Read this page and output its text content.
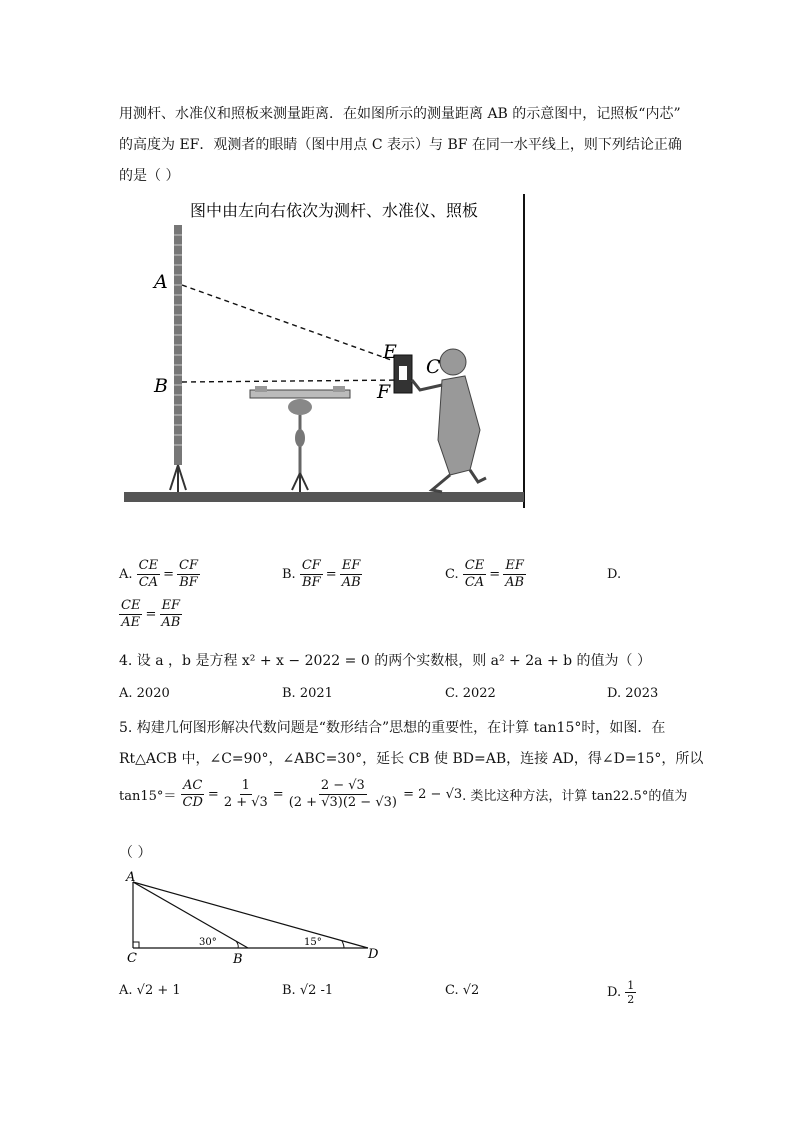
用测杆、水准仪和照板来测量距离．在如图所示的测量距离 AB 的示意图中，记照板“内芯”
的高度为 EF．观测者的眼睛（图中用点 C 表示）与 BF 在同一水平线上，则下列结论正确
的是（ ）
图中由左向右依次为测杆、水准仪、照板
A
B
E
F
C
A. $\frac{CE}{CA} = \frac{CF}{BF}$	B. $\frac{CF}{BF} = \frac{EF}{AB}$	C. $\frac{CE}{CA} = \frac{EF}{AB}$	D.
$\frac{CE}{AE} = \frac{EF}{AB}$
4. 设 a ，b 是方程 x² + x − 2022 = 0 的两个实数根，则 a² + 2a + b 的值为（ ）
A. 2020	B. 2021	C. 2022	D. 2023
5. 构建几何图形解决代数问题是“数形结合”思想的重要性，在计算 tan15°时，如图．在
Rt△ACB 中，∠C=90°，∠ABC=30°，延长 CB 使 BD=AB，连接 AD，得∠D=15°，所以
$\tan 15^\circ= \frac{AC}{CD} = \frac{1}{2 + √3} = \frac{2 - √3}{(2 + √3)(2 - √3)} = 2 - √3$. 类比这种方法，计算 tan22.5°的值为
（ ）
A
C	B	D
30°	15°
A. √2 + 1	B. √2 -1	C. √2	D. $\frac{1}{2}$
